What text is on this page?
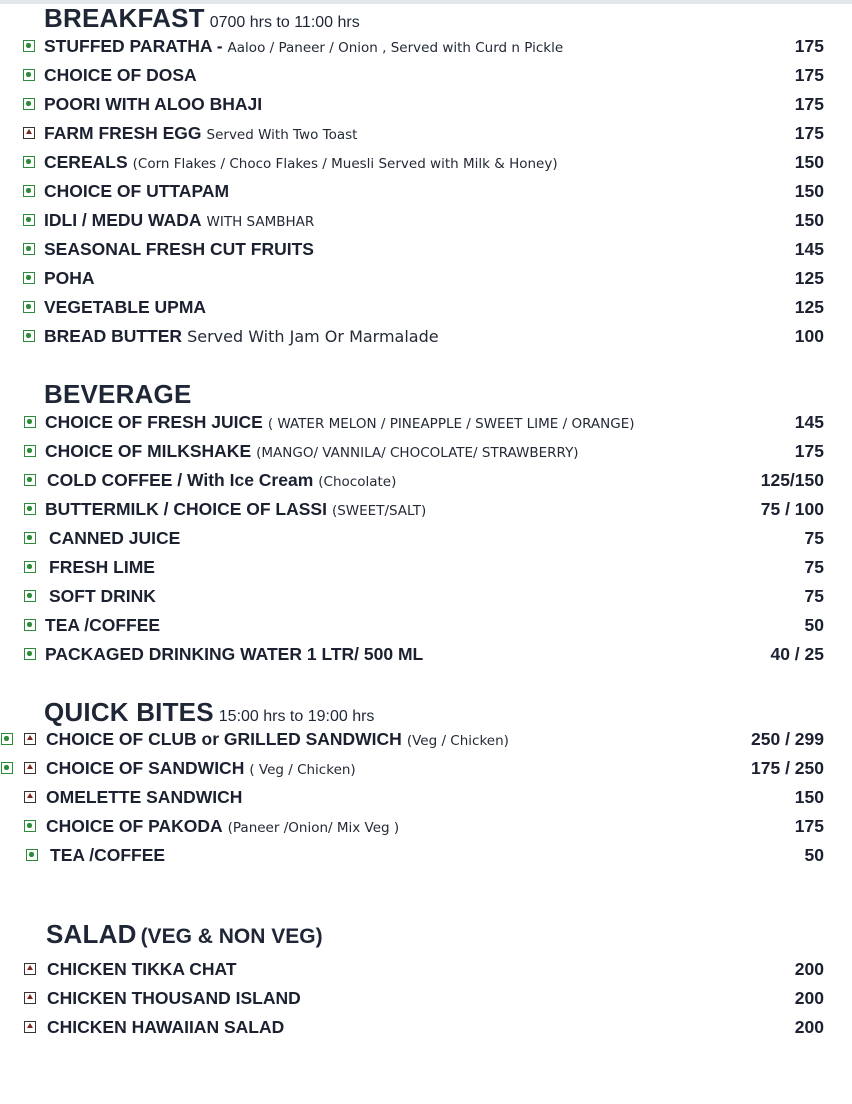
BREAKFAST 0700 hrs to 11:00 hrs
STUFFED PARATHA - Aaloo / Paneer / Onion , Served with Curd n Pickle	175
CHOICE OF DOSA	175
POORI WITH ALOO BHAJI	175
FARM FRESH EGG Served With Two Toast	175
CEREALS (Corn Flakes / Choco Flakes / Muesli Served with Milk & Honey)	150
CHOICE OF UTTAPAM	150
IDLI / MEDU WADA WITH SAMBHAR	150
SEASONAL FRESH CUT FRUITS	145
POHA	125
VEGETABLE UPMA	125
BREAD BUTTER Served With Jam Or Marmalade	100
BEVERAGE
CHOICE OF FRESH JUICE ( WATER MELON / PINEAPPLE / SWEET LIME / ORANGE)	145
CHOICE OF MILKSHAKE (MANGO/ VANNILA/ CHOCOLATE/ STRAWBERRY)	175
COLD COFFEE / With Ice Cream (Chocolate)	125/150
BUTTERMILK / CHOICE OF LASSI (SWEET/SALT)	75 / 100
CANNED JUICE	75
FRESH LIME	75
SOFT DRINK	75
TEA /COFFEE	50
PACKAGED DRINKING WATER 1 LTR/ 500 ML	40 / 25
QUICK BITES 15:00 hrs to 19:00 hrs
CHOICE OF CLUB or GRILLED SANDWICH (Veg / Chicken)	250 / 299
CHOICE OF SANDWICH ( Veg / Chicken)	175 / 250
OMELETTE SANDWICH	150
CHOICE OF PAKODA (Paneer /Onion/ Mix Veg )	175
TEA /COFFEE	50
SALAD (VEG & NON VEG)
CHICKEN TIKKA CHAT	200
CHICKEN THOUSAND ISLAND	200
CHICKEN HAWAIIAN SALAD	200
